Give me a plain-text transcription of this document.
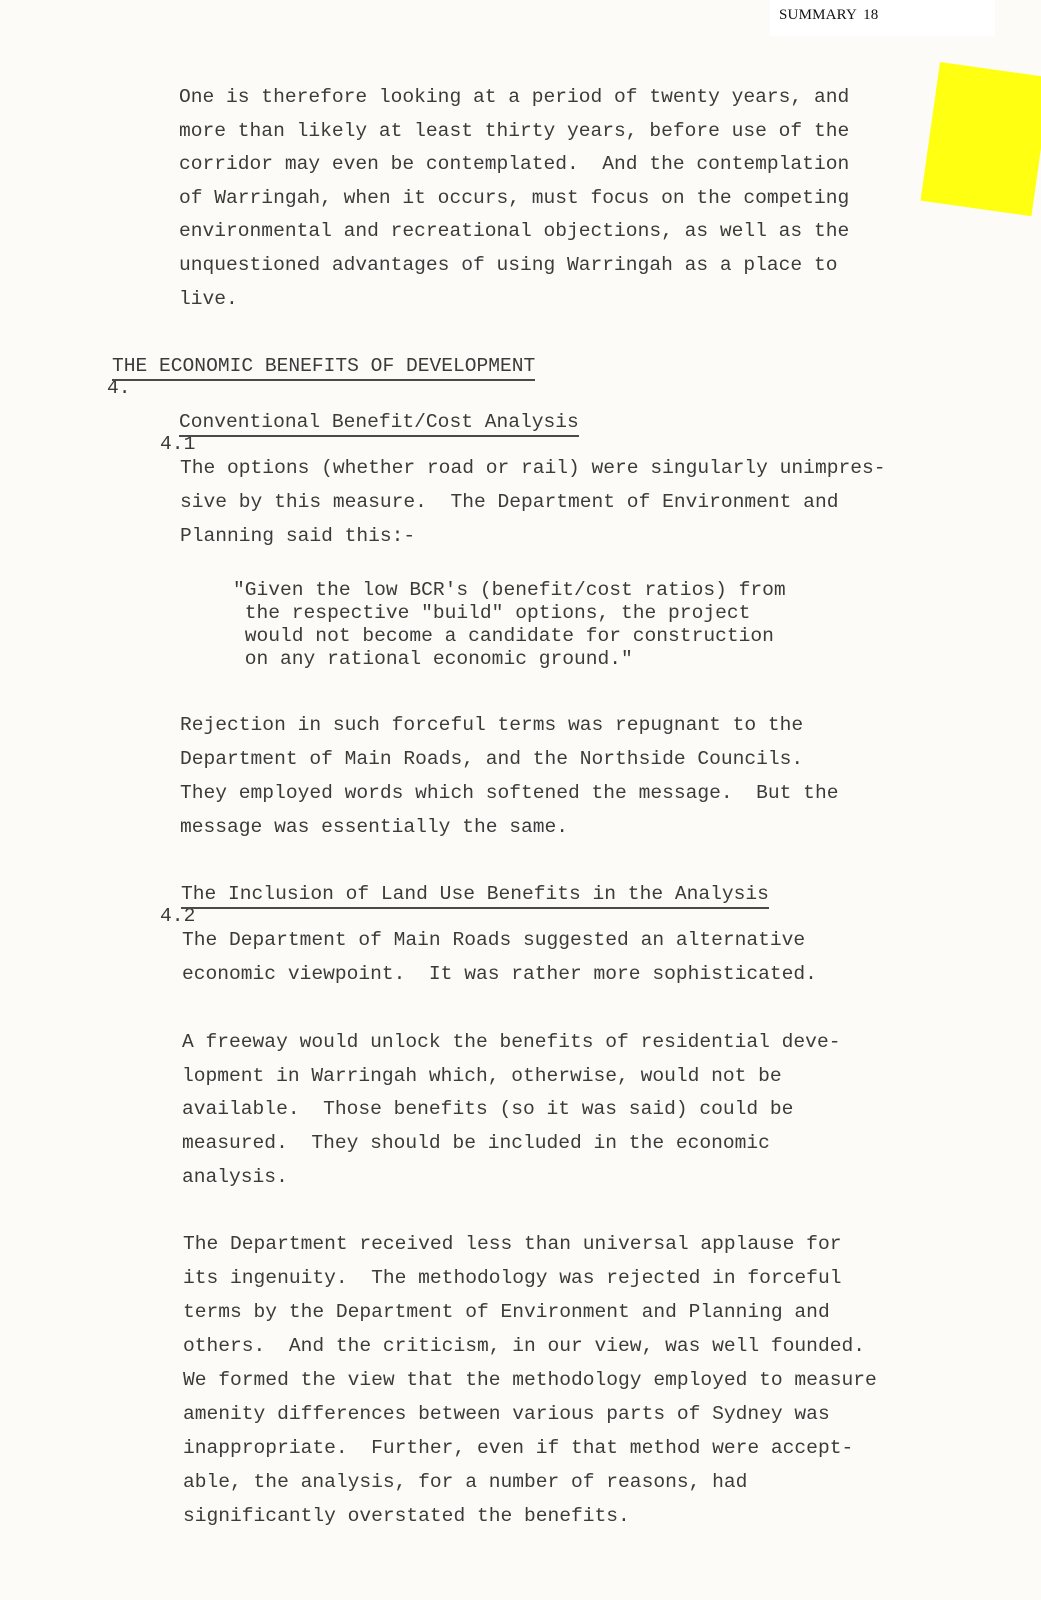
SUMMARY 18

One is therefore looking at a period of twenty years, and

more than likely at least thirty years, before use of the

corridor may even be contemplated.  And the contemplation

of Warringah, when it occurs, must focus on the competing

environmental and recreational objections, as well as the

unquestioned advantages of using Warringah as a place to

live.

4.

THE ECONOMIC BENEFITS OF DEVELOPMENT

4.1

Conventional Benefit/Cost Analysis

The options (whether road or rail) were singularly unimpres-

sive by this measure.  The Department of Environment and

Planning said this:-

"Given the low BCR's (benefit/cost ratios) from

the respective "build" options, the project

would not become a candidate for construction

on any rational economic ground."

Rejection in such forceful terms was repugnant to the

Department of Main Roads, and the Northside Councils.

They employed words which softened the message.  But the

message was essentially the same.

4.2

The Inclusion of Land Use Benefits in the Analysis

The Department of Main Roads suggested an alternative

economic viewpoint.  It was rather more sophisticated.

A freeway would unlock the benefits of residential deve-

lopment in Warringah which, otherwise, would not be

available.  Those benefits (so it was said) could be

measured.  They should be included in the economic

analysis.

The Department received less than universal applause for

its ingenuity.  The methodology was rejected in forceful

terms by the Department of Environment and Planning and

others.  And the criticism, in our view, was well founded.

We formed the view that the methodology employed to measure

amenity differences between various parts of Sydney was

inappropriate.  Further, even if that method were accept-

able, the analysis, for a number of reasons, had

significantly overstated the benefits.
